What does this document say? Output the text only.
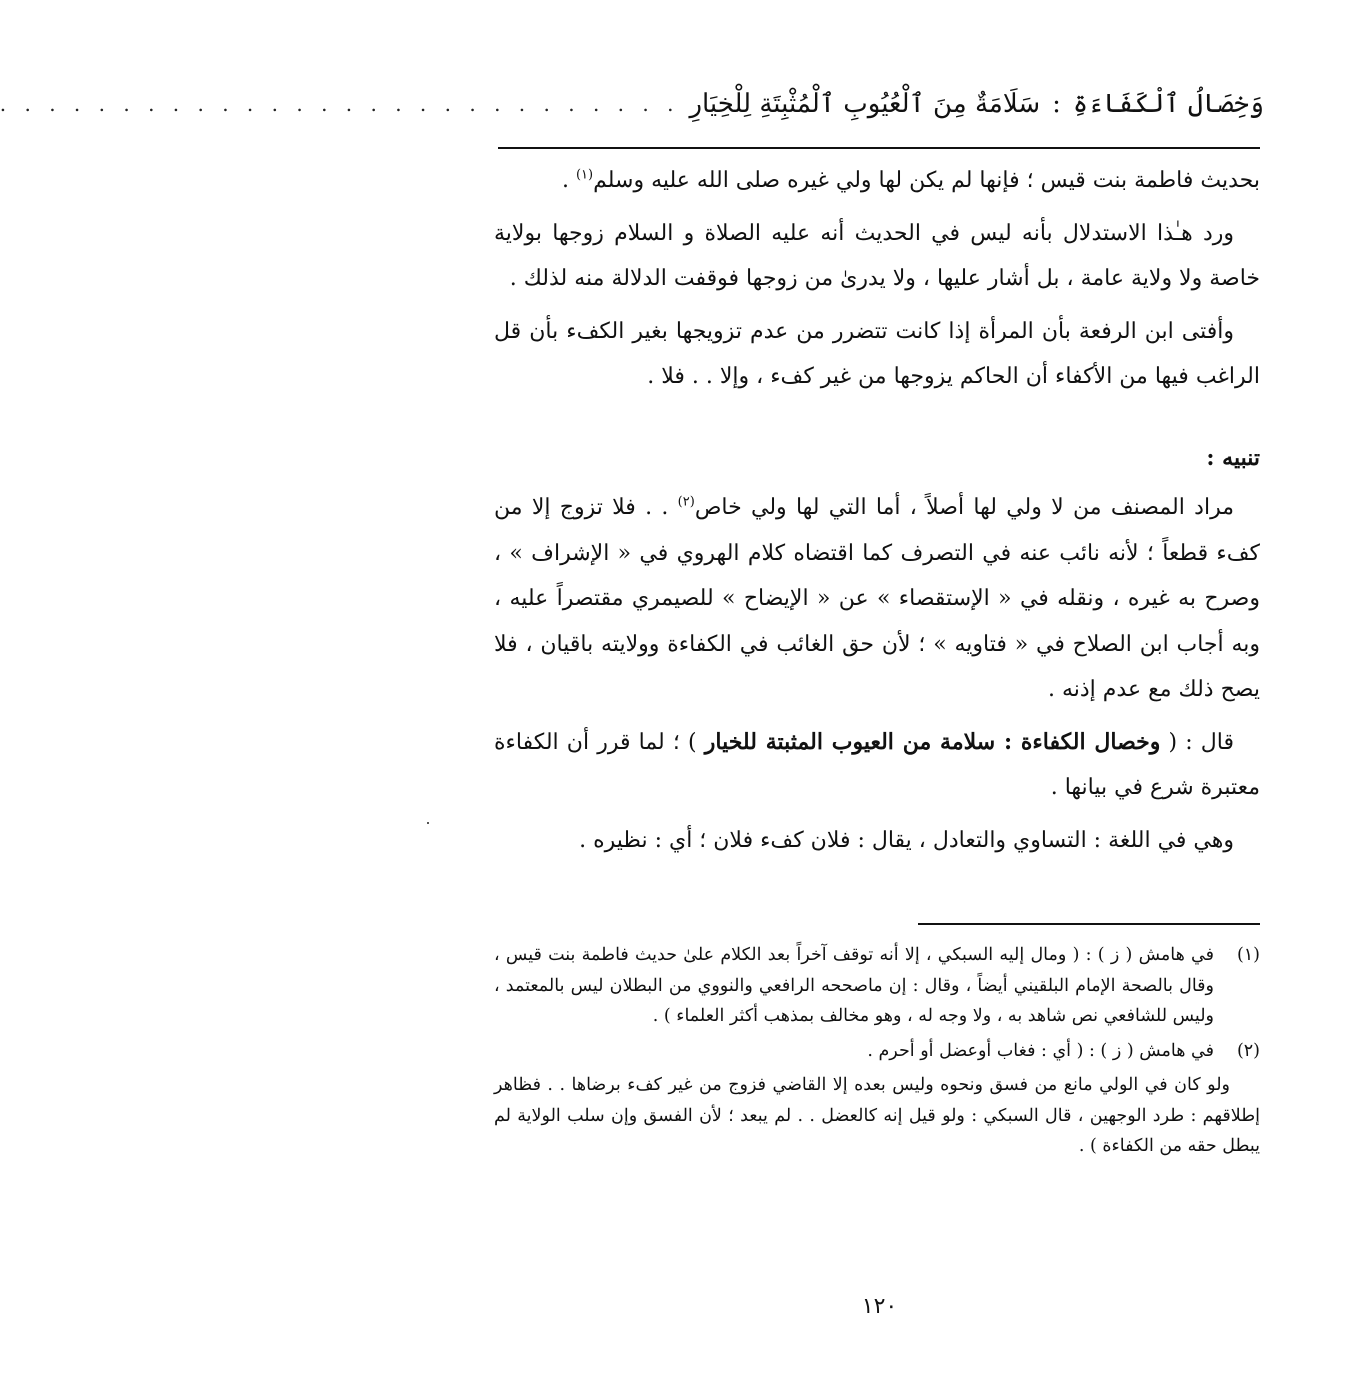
وَخِصَالُ ٱلْكَفَاءَةِ
:
سَلَامَةٌ مِنَ ٱلْعُيُوبِ ٱلْمُثْبِتَةِ لِلْخِيَارِ
. . . . . . . . . . . . . . . . . . . . . . . . . . . .

بحديث فاطمة بنت قيس ؛ فإنها لم يكن لها ولي غيره صلى الله عليه وسلم$^{(١)}$ .

ورد هـٰذا الاستدلال بأنه ليس في الحديث أنه عليه الصلاة و السلام زوجها بولاية خاصة ولا ولاية عامة ، بل أشار عليها ، ولا يدرىٰ من زوجها فوقفت الدلالة منه لذلك .

وأفتى ابن الرفعة بأن المرأة إذا كانت تتضرر من عدم تزويجها بغير الكفء بأن قل الراغب فيها من الأكفاء أن الحاكم يزوجها من غير كفء ، وإلا . . فلا .

تنبيه :

مراد المصنف من لا ولي لها أصلاً ، أما التي لها ولي خاص$^{(٢)}$ . . فلا تزوج إلا من كفء قطعاً ؛ لأنه نائب عنه في التصرف كما اقتضاه كلام الهروي في « الإشراف » ، وصرح به غيره ، ونقله في « الإستقصاء » عن « الإيضاح » للصيمري مقتصراً عليه ، وبه أجاب ابن الصلاح في « فتاويه » ؛ لأن حق الغائب في الكفاءة وولايته باقيان ، فلا يصح ذلك مع عدم إذنه .

قال : ( وخصال الكفاءة : سلامة من العيوب المثبتة للخيار ) ؛ لما قرر أن الكفاءة معتبرة شرع في بيانها .

وهي في اللغة : التساوي والتعادل ، يقال : فلان كفء فلان ؛ أي : نظيره .

(١)
في هامش ( ز ) : ( ومال إليه السبكي ، إلا أنه توقف آخراً بعد الكلام علىٰ حديث فاطمة بنت قيس ، وقال بالصحة الإمام البلقيني أيضاً ، وقال : إن ماصححه الرافعي والنووي من البطلان ليس بالمعتمد ، وليس للشافعي نص شاهد به ، ولا وجه له ، وهو مخالف بمذهب أكثر العلماء ) .
(٢)
في هامش ( ز ) : ( أي : فغاب أوعضل أو أحرم .

ولو كان في الولي مانع من فسق ونحوه وليس بعده إلا القاضي فزوج من غير كفء برضاها . . فظاهر إطلاقهم : طرد الوجهين ، قال السبكي : ولو قيل إنه كالعضل . . لم يبعد ؛ لأن الفسق وإن سلب الولاية لم يبطل حقه من الكفاءة ) .

١٢٠
